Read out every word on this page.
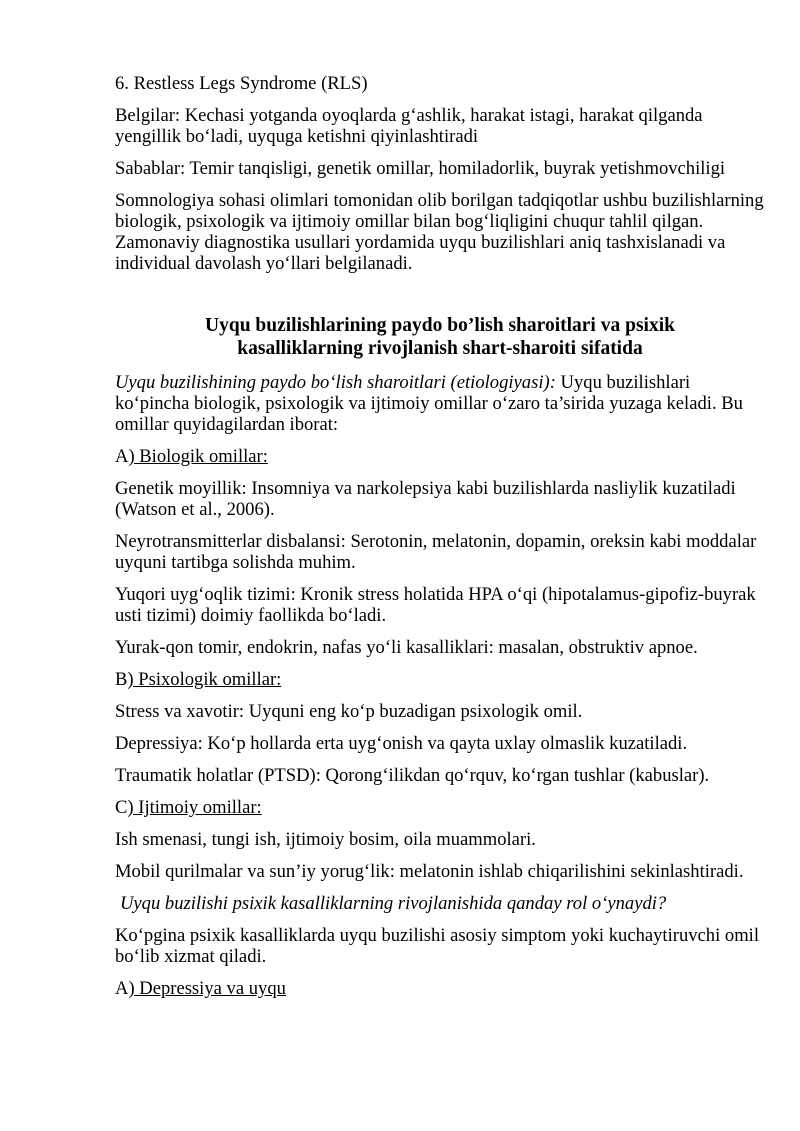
6. Restless Legs Syndrome (RLS)

Belgilar: Kechasi yotganda oyoqlarda g‘ashlik, harakat istagi, harakat qilganda yengillik bo‘ladi, uyquga ketishni qiyinlashtiradi

Sabablar: Temir tanqisligi, genetik omillar, homiladorlik, buyrak yetishmovchiligi

Somnologiya sohasi olimlari tomonidan olib borilgan tadqiqotlar ushbu buzilishlarning biologik, psixologik va ijtimoiy omillar bilan bog‘liqligini chuqur tahlil qilgan. Zamonaviy diagnostika usullari yordamida uyqu buzilishlari aniq tashxislanadi va individual davolash yo‘llari belgilanadi.

Uyqu buzilishlarining paydo bo’lish sharoitlari va psixik
kasalliklarning rivojlanish shart-sharoiti sifatida

Uyqu buzilishining paydo bo‘lish sharoitlari (etiologiyasi): Uyqu buzilishlari ko‘pincha biologik, psixologik va ijtimoiy omillar o‘zaro ta’sirida yuzaga keladi. Bu omillar quyidagilardan iborat:

A) Biologik omillar:

Genetik moyillik: Insomniya va narkolepsiya kabi buzilishlarda nasliylik kuzatiladi (Watson et al., 2006).

Neyrotransmitterlar disbalansi: Serotonin, melatonin, dopamin, oreksin kabi moddalar uyquni tartibga solishda muhim.

Yuqori uyg‘oqlik tizimi: Kronik stress holatida HPA o‘qi (hipotalamus-gipofiz-buyrak usti tizimi) doimiy faollikda bo‘ladi.

Yurak-qon tomir, endokrin, nafas yo‘li kasalliklari: masalan, obstruktiv apnoe.

B) Psixologik omillar:

Stress va xavotir: Uyquni eng ko‘p buzadigan psixologik omil.

Depressiya: Ko‘p hollarda erta uyg‘onish va qayta uxlay olmaslik kuzatiladi.

Traumatik holatlar (PTSD): Qorong‘ilikdan qo‘rquv, ko‘rgan tushlar (kabuslar).

C) Ijtimoiy omillar:

Ish smenasi, tungi ish, ijtimoiy bosim, oila muammolari.

Mobil qurilmalar va sun’iy yorug‘lik: melatonin ishlab chiqarilishini sekinlashtiradi.

Uyqu buzilishi psixik kasalliklarning rivojlanishida qanday rol o‘ynaydi?

Ko‘pgina psixik kasalliklarda uyqu buzilishi asosiy simptom yoki kuchaytiruvchi omil bo‘lib xizmat qiladi.

A) Depressiya va uyqu
